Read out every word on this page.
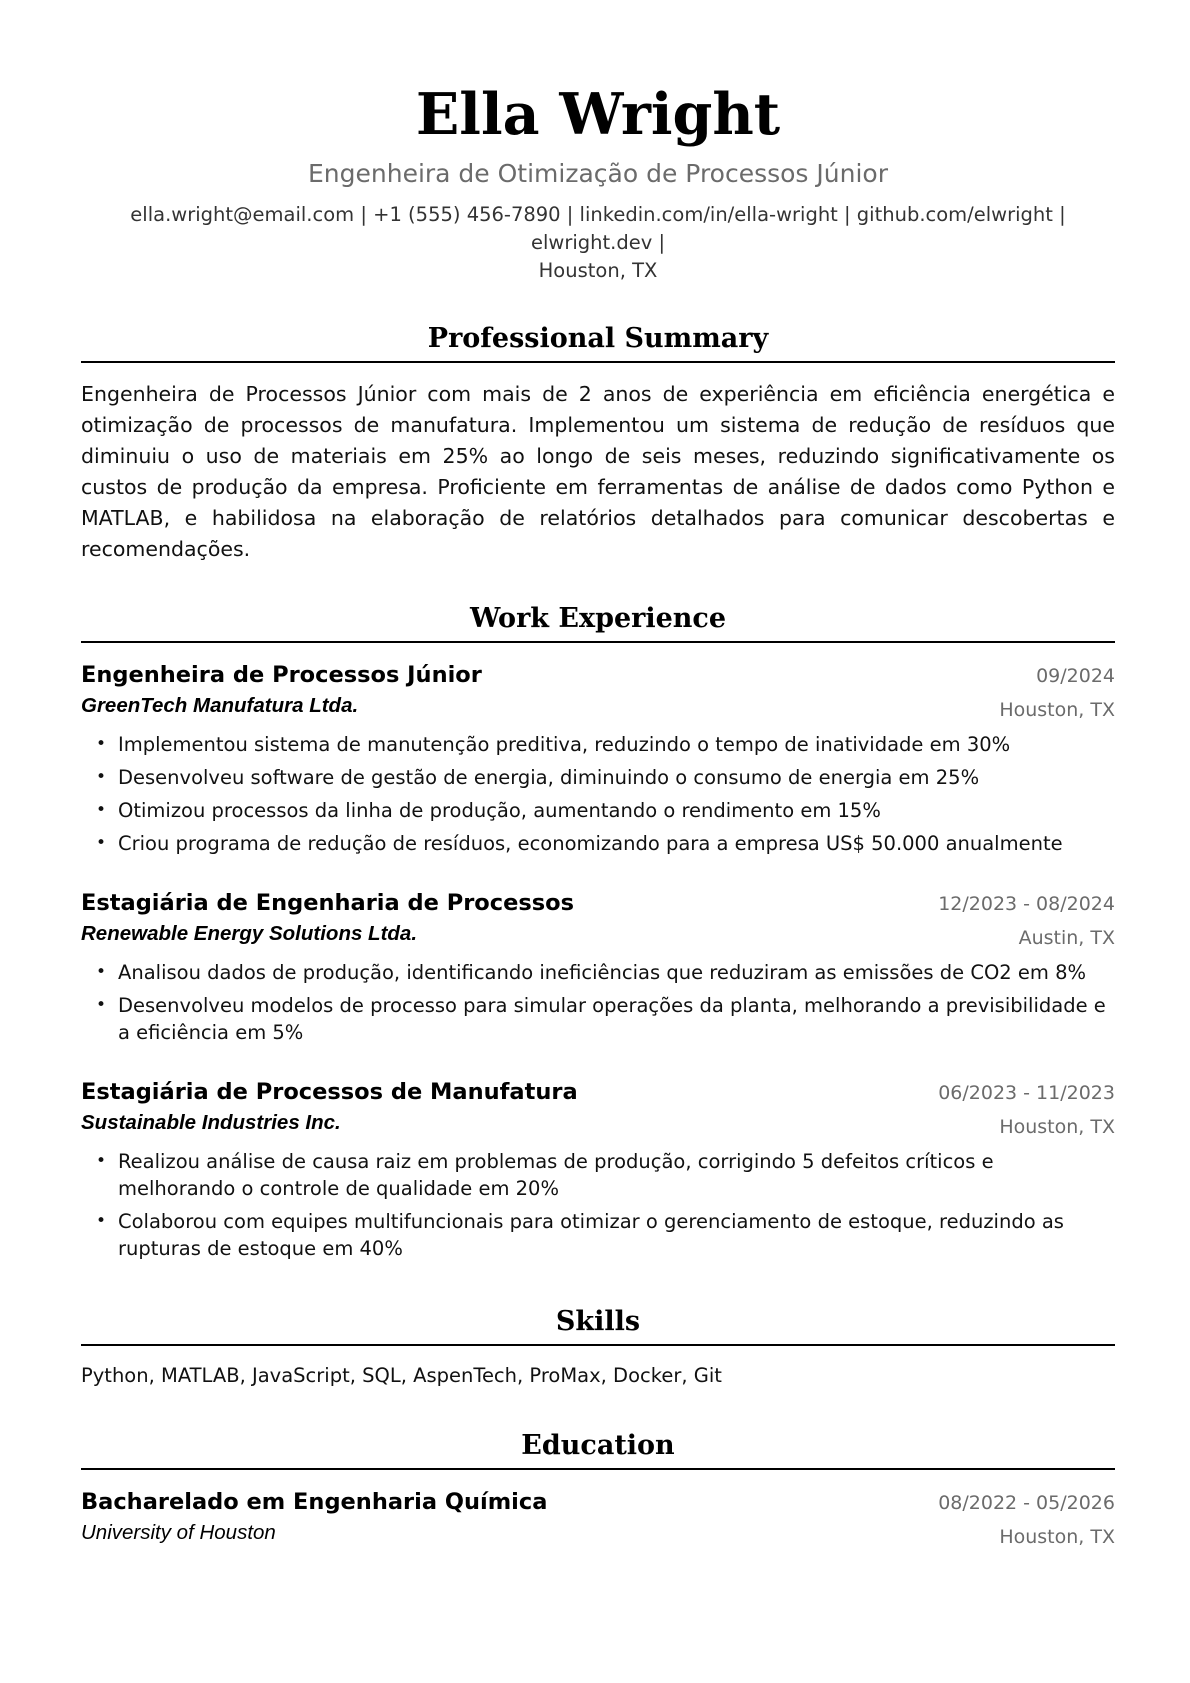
Ella Wright
Engenheira de Otimização de Processos Júnior
ella.wright@email.com | +1 (555) 456-7890 | linkedin.com/in/ella-wright | github.com/elwright | elwright.dev |
Houston, TX
Professional Summary
Engenheira de Processos Júnior com mais de 2 anos de experiência em eficiência energética e otimização de processos de manufatura. Implementou um sistema de redução de resíduos que diminuiu o uso de materiais em 25% ao longo de seis meses, reduzindo significativamente os custos de produção da empresa. Proficiente em ferramentas de análise de dados como Python e MATLAB, e habilidosa na elaboração de relatórios detalhados para comunicar descobertas e recomendações.
Work Experience
Engenheira de Processos Júnior	09/2024
GreenTech Manufatura Ltda.	Houston, TX
• Implementou sistema de manutenção preditiva, reduzindo o tempo de inatividade em 30%
• Desenvolveu software de gestão de energia, diminuindo o consumo de energia em 25%
• Otimizou processos da linha de produção, aumentando o rendimento em 15%
• Criou programa de redução de resíduos, economizando para a empresa US$ 50.000 anualmente
Estagiária de Engenharia de Processos	12/2023 - 08/2024
Renewable Energy Solutions Ltda.	Austin, TX
• Analisou dados de produção, identificando ineficiências que reduziram as emissões de CO2 em 8%
• Desenvolveu modelos de processo para simular operações da planta, melhorando a previsibilidade e a eficiência em 5%
Estagiária de Processos de Manufatura	06/2023 - 11/2023
Sustainable Industries Inc.	Houston, TX
• Realizou análise de causa raiz em problemas de produção, corrigindo 5 defeitos críticos e melhorando o controle de qualidade em 20%
• Colaborou com equipes multifuncionais para otimizar o gerenciamento de estoque, reduzindo as rupturas de estoque em 40%
Skills
Python, MATLAB, JavaScript, SQL, AspenTech, ProMax, Docker, Git
Education
Bacharelado em Engenharia Química	08/2022 - 05/2026
University of Houston	Houston, TX
